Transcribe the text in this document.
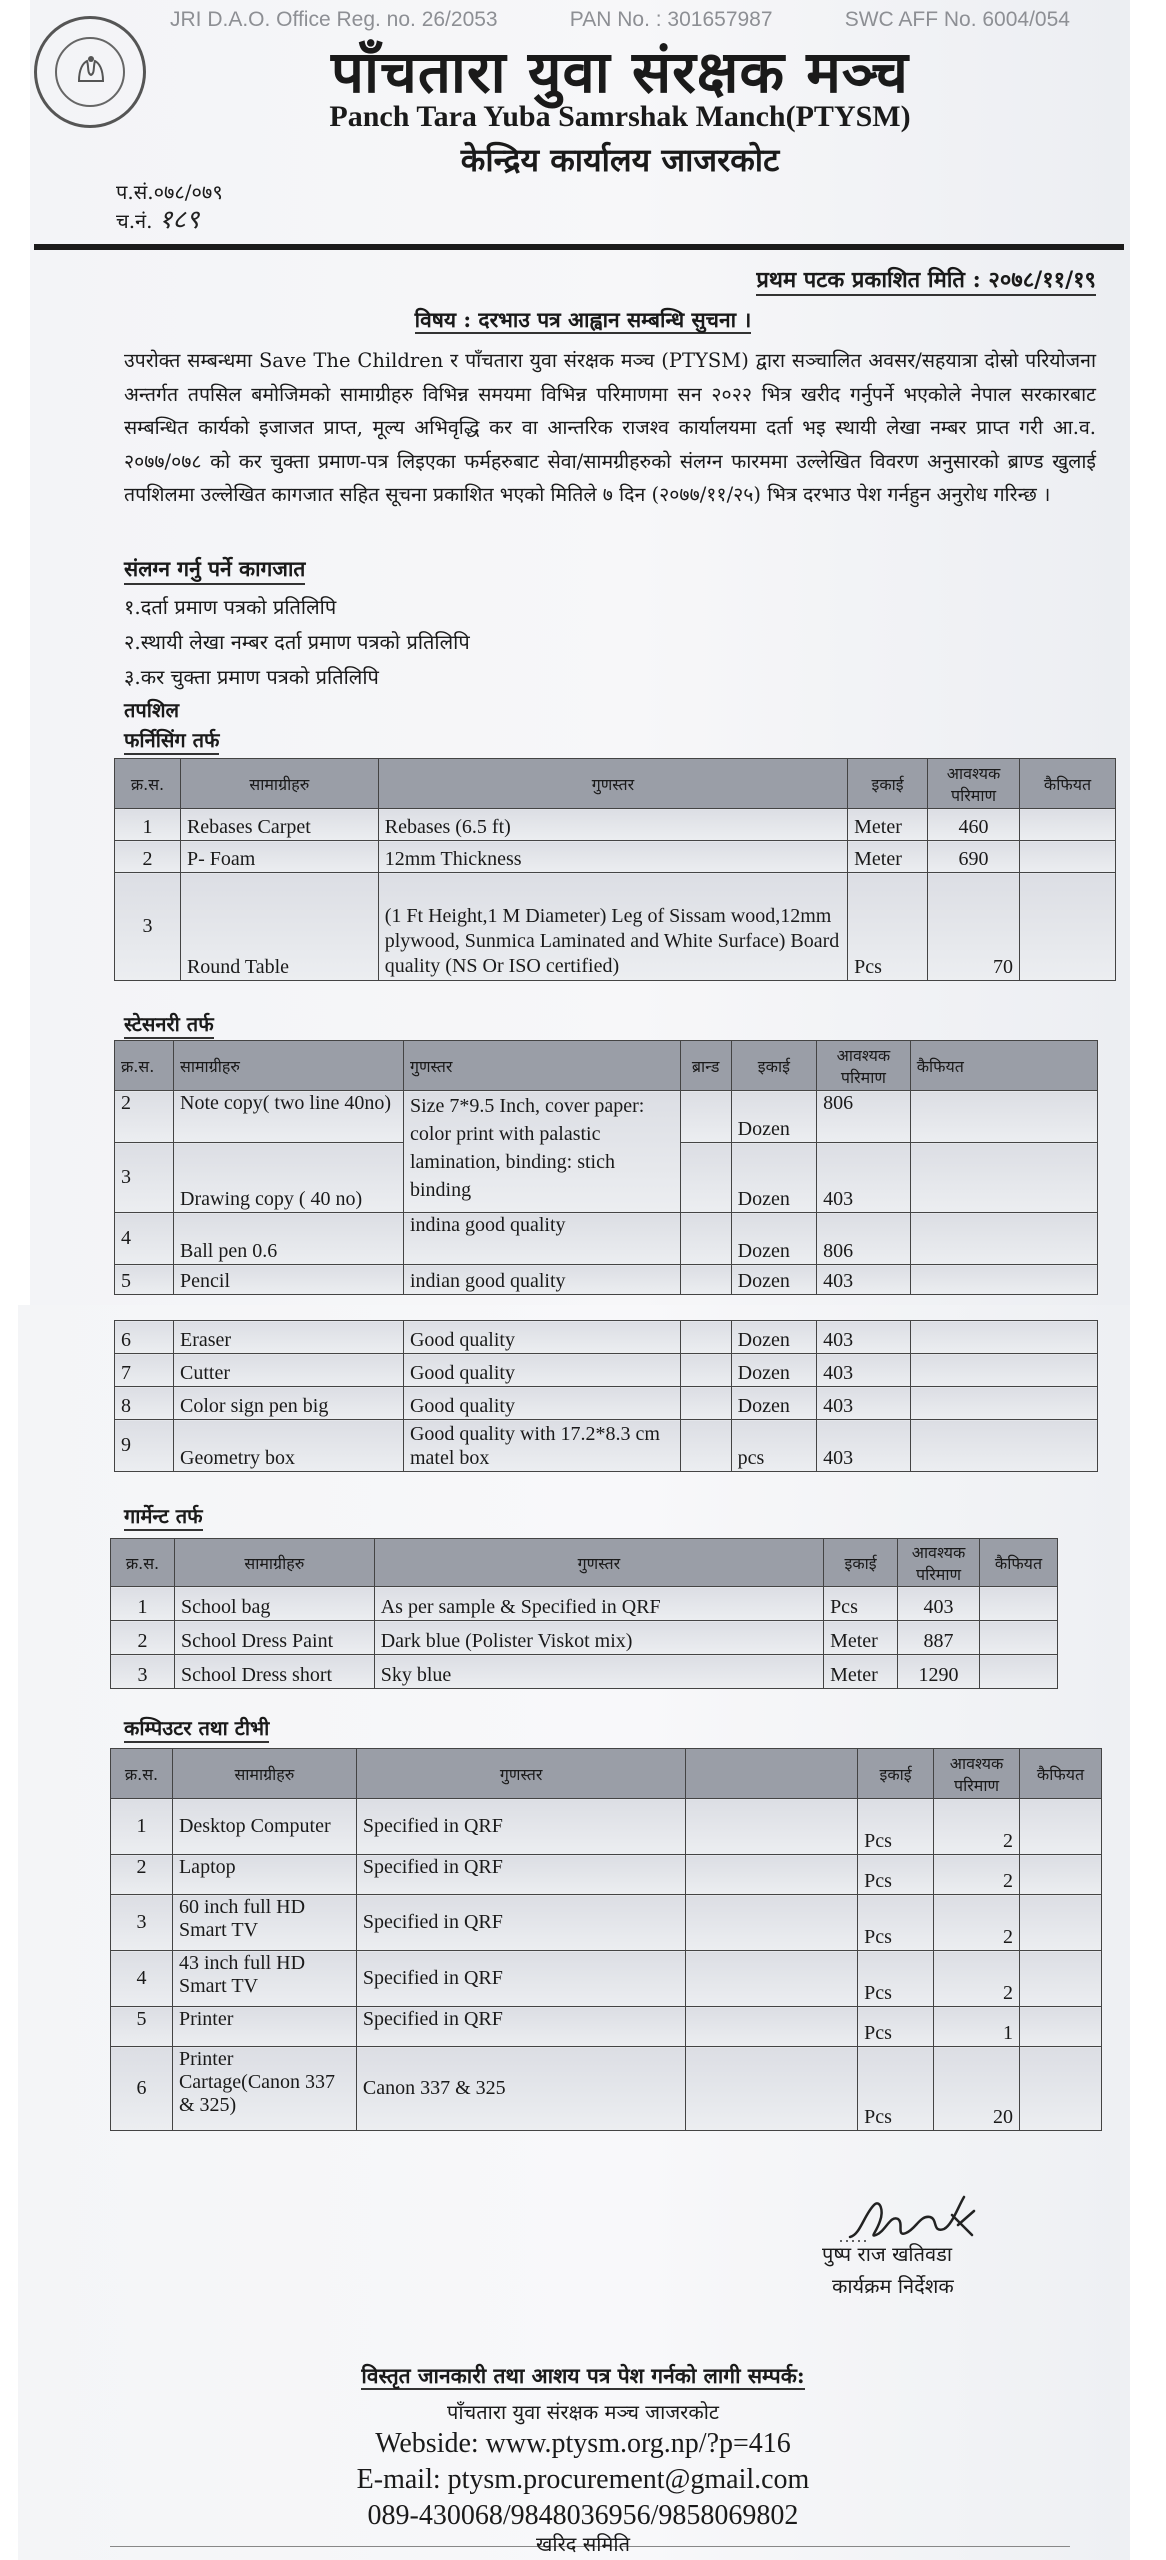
JRI D.A.O. Office Reg. no. 26/2053	PAN No. : 301657987	SWC AFF No. 6004/054
पाँचतारा युवा संरक्षक मञ्च
Panch Tara Yuba Samrshak Manch(PTYSM)
केन्द्रिय कार्यालय जाजरकोट
प.सं.०७८/०७९
च.नं. १८९
प्रथम पटक प्रकाशित मिति : २०७८/११/१९
विषय : दरभाउ पत्र आह्वान सम्बन्धि सुचना ।
उपरोक्त सम्बन्धमा Save The Children र पाँचतारा युवा संरक्षक मञ्च (PTYSM) द्वारा सञ्चालित अवसर/सहयात्रा दोस्रो परियोजना अन्तर्गत तपसिल बमोजिमको सामाग्रीहरु विभिन्न समयमा विभिन्न परिमाणमा सन २०२२ भित्र खरीद गर्नुपर्ने भएकोले नेपाल सरकारबाट सम्बन्धित कार्यको इजाजत प्राप्त, मूल्य अभिवृद्धि कर वा आन्तरिक राजश्व कार्यालयमा दर्ता भइ स्थायी लेखा नम्बर प्राप्त गरी आ.व. २०७७/०७८ को कर चुक्ता प्रमाण-पत्र लिइएका फर्महरुबाट सेवा/सामग्रीहरुको संलग्न फारममा उल्लेखित विवरण अनुसारको ब्राण्ड खुलाई तपशिलमा उल्लेखित कागजात सहित सूचना प्रकाशित भएको मितिले ७ दिन (२०७७/११/२५) भित्र दरभाउ पेश गर्नहुन अनुरोध गरिन्छ ।
संलग्न गर्नु पर्ने कागजात
१.दर्ता प्रमाण पत्रको प्रतिलिपि
२.स्थायी लेखा नम्बर दर्ता प्रमाण पत्रको प्रतिलिपि
३.कर चुक्ता प्रमाण पत्रको प्रतिलिपि
तपशिल
फर्निसिंग तर्फ
क्र.स.	सामाग्रीहरु	गुणस्तर	इकाई	आवश्यक परिमाण	कैफियत
1	Rebases Carpet	Rebases (6.5 ft)	Meter	460	
2	P- Foam	12mm Thickness	Meter	690	
3	Round Table	(1 Ft Height,1 M Diameter) Leg of Sissam wood,12mm plywood, Sunmica Laminated and White Surface) Board quality (NS Or ISO certified)	Pcs	70	
स्टेसनरी तर्फ
क्र.स.	सामाग्रीहरु	गुणस्तर	ब्रान्ड	इकाई	आवश्यक परिमाण	कैफियत
2	Note copy( two line 40no)	Size 7*9.5 Inch, cover paper: color print with palastic lamination, binding: stich binding		Dozen	806	
3	Drawing copy ( 40 no)			Dozen	403	
4	Ball pen 0.6	indina good quality		Dozen	806	
5	Pencil	indian good quality		Dozen	403	
6	Eraser	Good quality		Dozen	403	
7	Cutter	Good quality		Dozen	403	
8	Color sign pen big	Good quality		Dozen	403	
9	Geometry box	Good quality with 17.2*8.3 cm matel box		pcs	403	
गार्मेन्ट तर्फ
क्र.स.	सामाग्रीहरु	गुणस्तर	इकाई	आवश्यक परिमाण	कैफियत
1	School bag	As per sample & Specified in QRF	Pcs	403	
2	School Dress Paint	Dark blue (Polister Viskot mix)	Meter	887	
3	School Dress short	Sky blue	Meter	1290	
कम्पिउटर तथा टीभी
क्र.स.	सामाग्रीहरु	गुणस्तर		इकाई	आवश्यक परिमाण	कैफियत
1	Desktop Computer	Specified in QRF		Pcs	2	
2	Laptop	Specified in QRF		Pcs	2	
3	60 inch full HD Smart TV	Specified in QRF		Pcs	2	
4	43 inch full HD Smart TV	Specified in QRF		Pcs	2	
5	Printer	Specified in QRF		Pcs	1	
6	Printer Cartage(Canon 337 & 325)	Canon 337 & 325		Pcs	20	
पुष्प राज खतिवडा
कार्यक्रम निर्देशक
विस्तृत जानकारी तथा आशय पत्र पेश गर्नको लागी सम्पर्क:
पाँचतारा युवा संरक्षक मञ्च जाजरकोट
Webside: www.ptysm.org.np/?p=416
E-mail: ptysm.procurement@gmail.com
089-430068/9848036956/9858069802
खरिद समिति
